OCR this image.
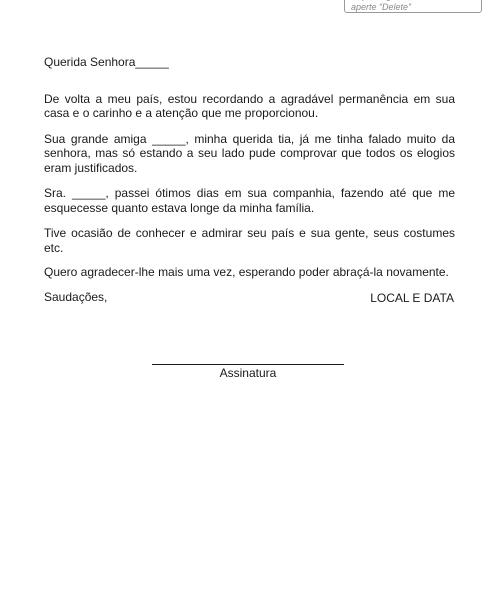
aperte “Delete”

Querida Senhora_____

De volta a meu país, estou recordando a agradável permanência em sua casa e o carinho e a atenção que me proporcionou.

Sua grande amiga _____, minha querida tia, já me tinha falado muito da senhora, mas só estando a seu lado pude comprovar que todos os elogios eram justificados.

Sra. _____, passei ótimos dias em sua companhia, fazendo até que me esquecesse quanto estava longe da minha família.

Tive ocasião de conhecer e admirar seu país e sua gente, seus costumes etc.

Quero agradecer-lhe mais uma vez, esperando poder abraçá-la novamente.

Saudações,	LOCAL E DATA
Assinatura
